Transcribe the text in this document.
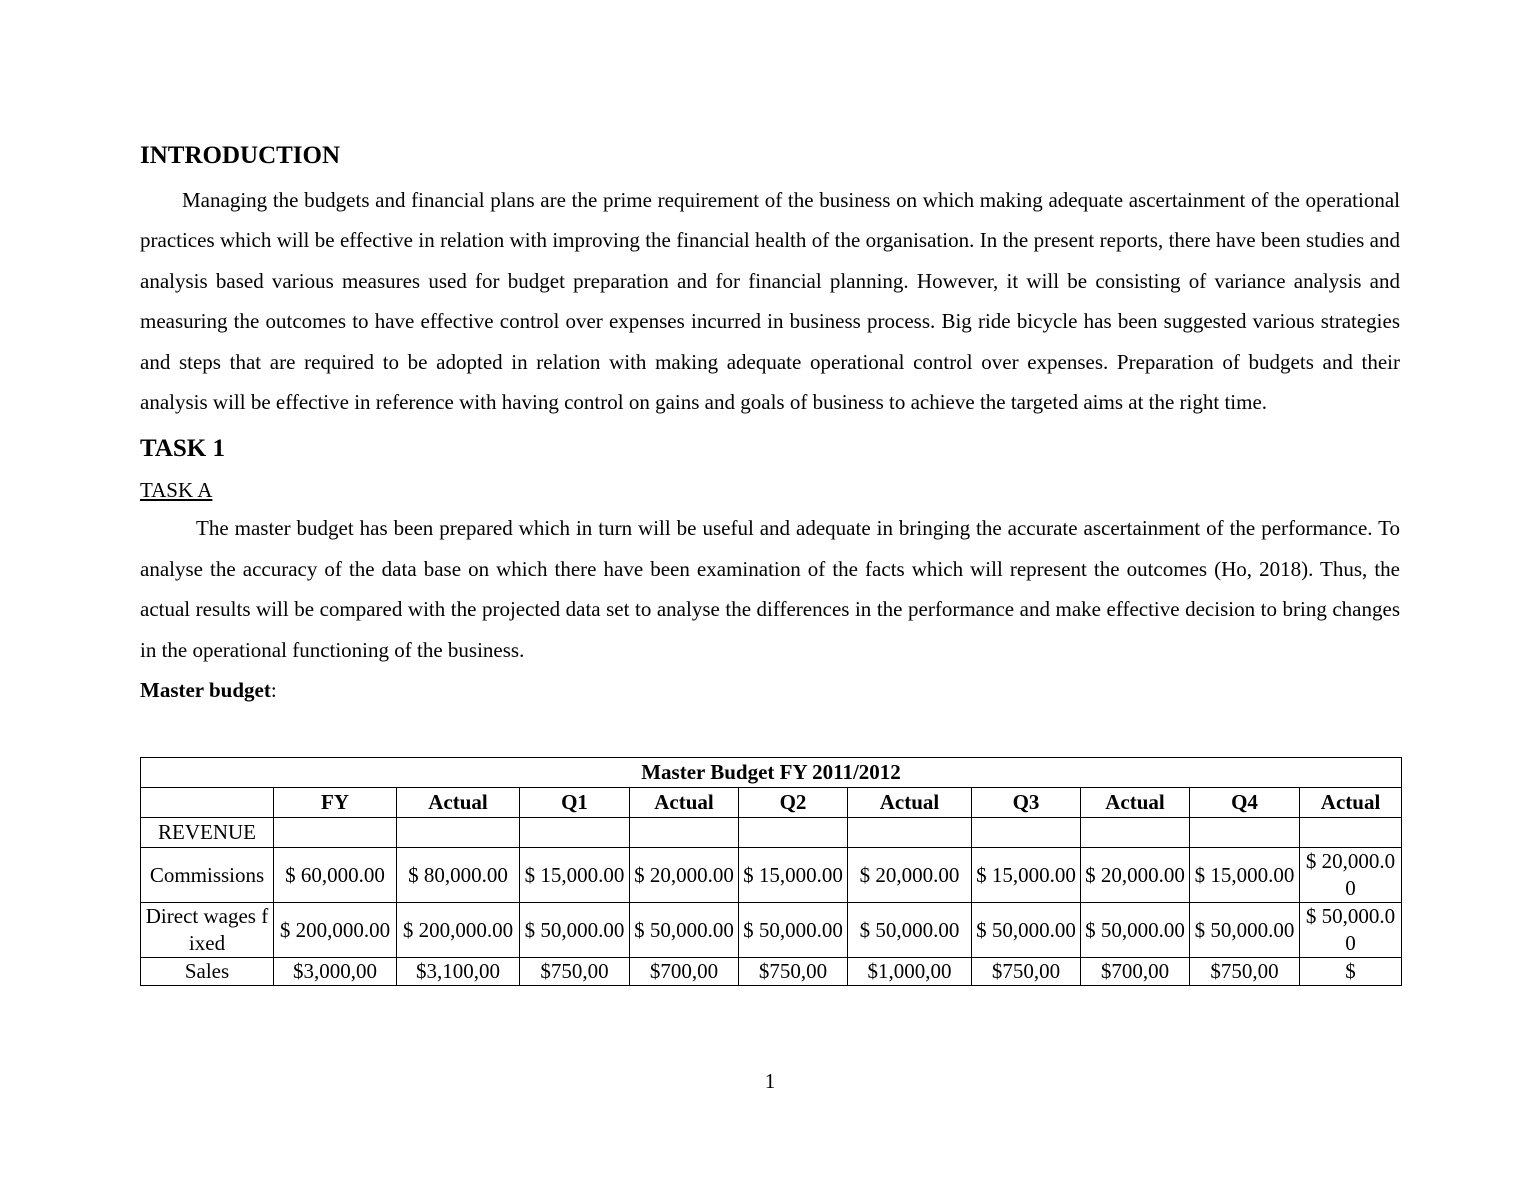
INTRODUCTION

Managing the budgets and financial plans are the prime requirement of the business on which making adequate ascertainment of the operational practices which will be effective in relation with improving the financial health of the organisation. In the present reports, there have been studies and analysis based various measures used for budget preparation and for financial planning. However, it will be consisting of variance analysis and measuring the outcomes to have effective control over expenses incurred in business process. Big ride bicycle has been suggested various strategies and steps that are required to be adopted in relation with making adequate operational control over expenses. Preparation of budgets and their analysis will be effective in reference with having control on gains and goals of business to achieve the targeted aims at the right time.

TASK 1
TASK A

The master budget has been prepared which in turn will be useful and adequate in bringing the accurate ascertainment of the performance. To analyse the accuracy of the data base on which there have been examination of the facts which will represent the outcomes (Ho, 2018). Thus, the actual results will be compared with the projected data set to analyse the differences in the performance and make effective decision to bring changes in the operational functioning of the business.

Master budget:

Master Budget FY 2011/2012										
	FY	Actual	Q1	Actual	Q2	Actual	Q3	Actual	Q4	Actual
REVENUE										
Commissions	$ 60,000.00	$ 80,000.00	$ 15,000.00	$ 20,000.00	$ 15,000.00	$ 20,000.00	$ 15,000.00	$ 20,000.00	$ 15,000.00	$ 20,000.00
Direct wages fixed	$ 200,000.00	$ 200,000.00	$ 50,000.00	$ 50,000.00	$ 50,000.00	$ 50,000.00	$ 50,000.00	$ 50,000.00	$ 50,000.00	$ 50,000.00
Sales	$3,000,00	$3,100,00	$750,00	$700,00	$750,00	$1,000,00	$750,00	$700,00	$750,00	$
1
